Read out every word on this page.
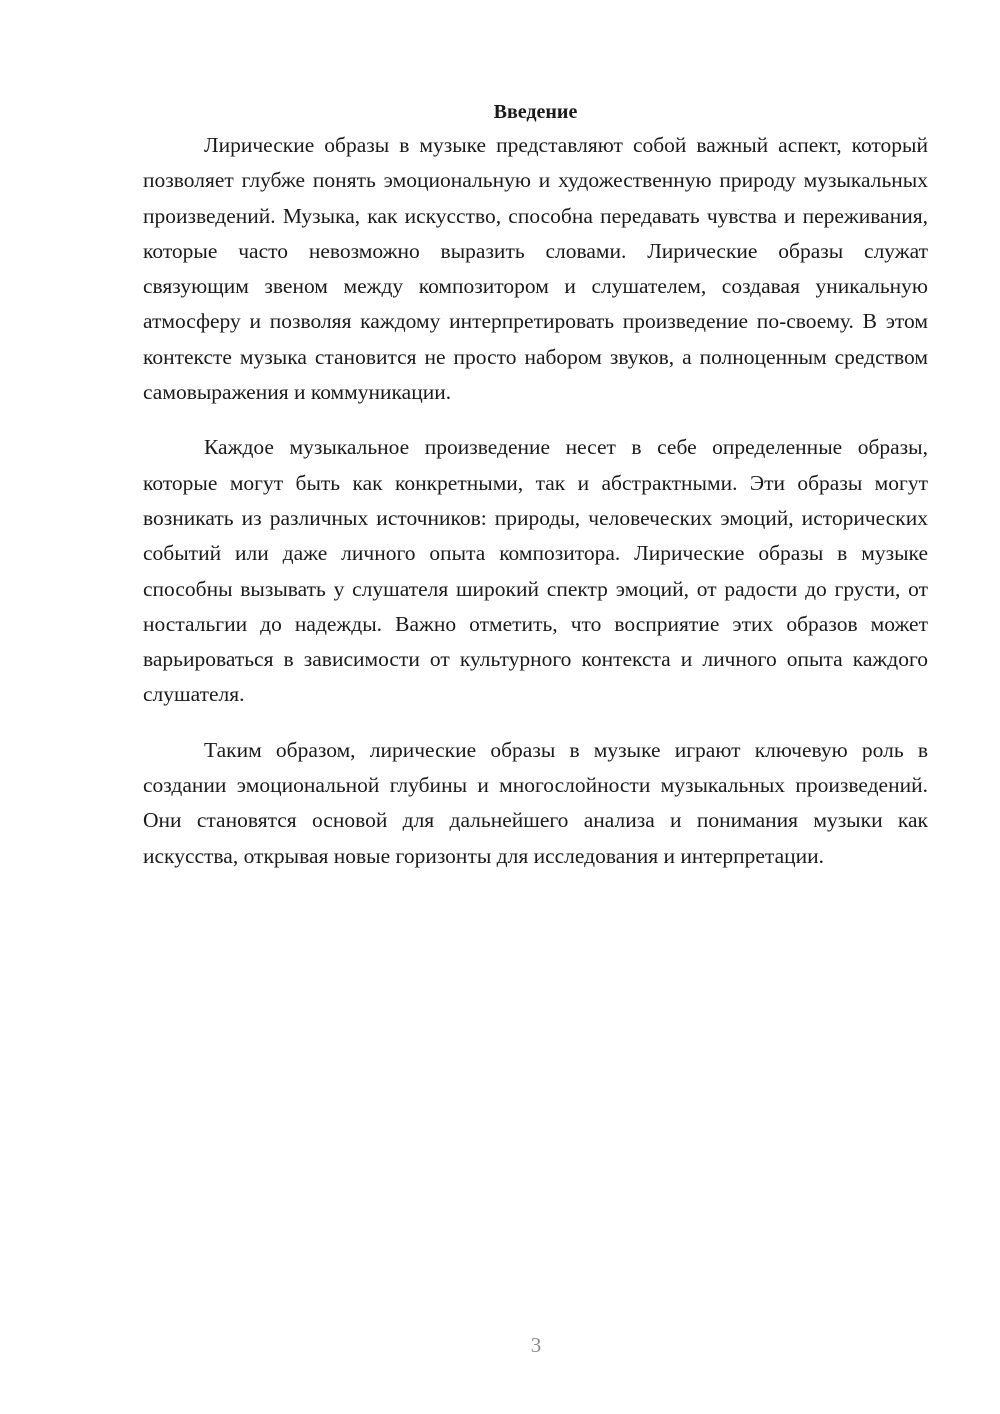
Введение

Лирические образы в музыке представляют собой важный аспект, который позволяет глубже понять эмоциональную и художественную природу музыкальных произведений. Музыка, как искусство, способна передавать чувства и переживания, которые часто невозможно выразить словами. Лирические образы служат связующим звеном между композитором и слушателем, создавая уникальную атмосферу и позволяя каждому интерпретировать произведение по-своему. В этом контексте музыка становится не просто набором звуков, а полноценным средством самовыражения и коммуникации.

Каждое музыкальное произведение несет в себе определенные образы, которые могут быть как конкретными, так и абстрактными. Эти образы могут возникать из различных источников: природы, человеческих эмоций, исторических событий или даже личного опыта композитора. Лирические образы в музыке способны вызывать у слушателя широкий спектр эмоций, от радости до грусти, от ностальгии до надежды. Важно отметить, что восприятие этих образов может варьироваться в зависимости от культурного контекста и личного опыта каждого слушателя.

Таким образом, лирические образы в музыке играют ключевую роль в создании эмоциональной глубины и многослойности музыкальных произведений. Они становятся основой для дальнейшего анализа и понимания музыки как искусства, открывая новые горизонты для исследования и интерпретации.

3
